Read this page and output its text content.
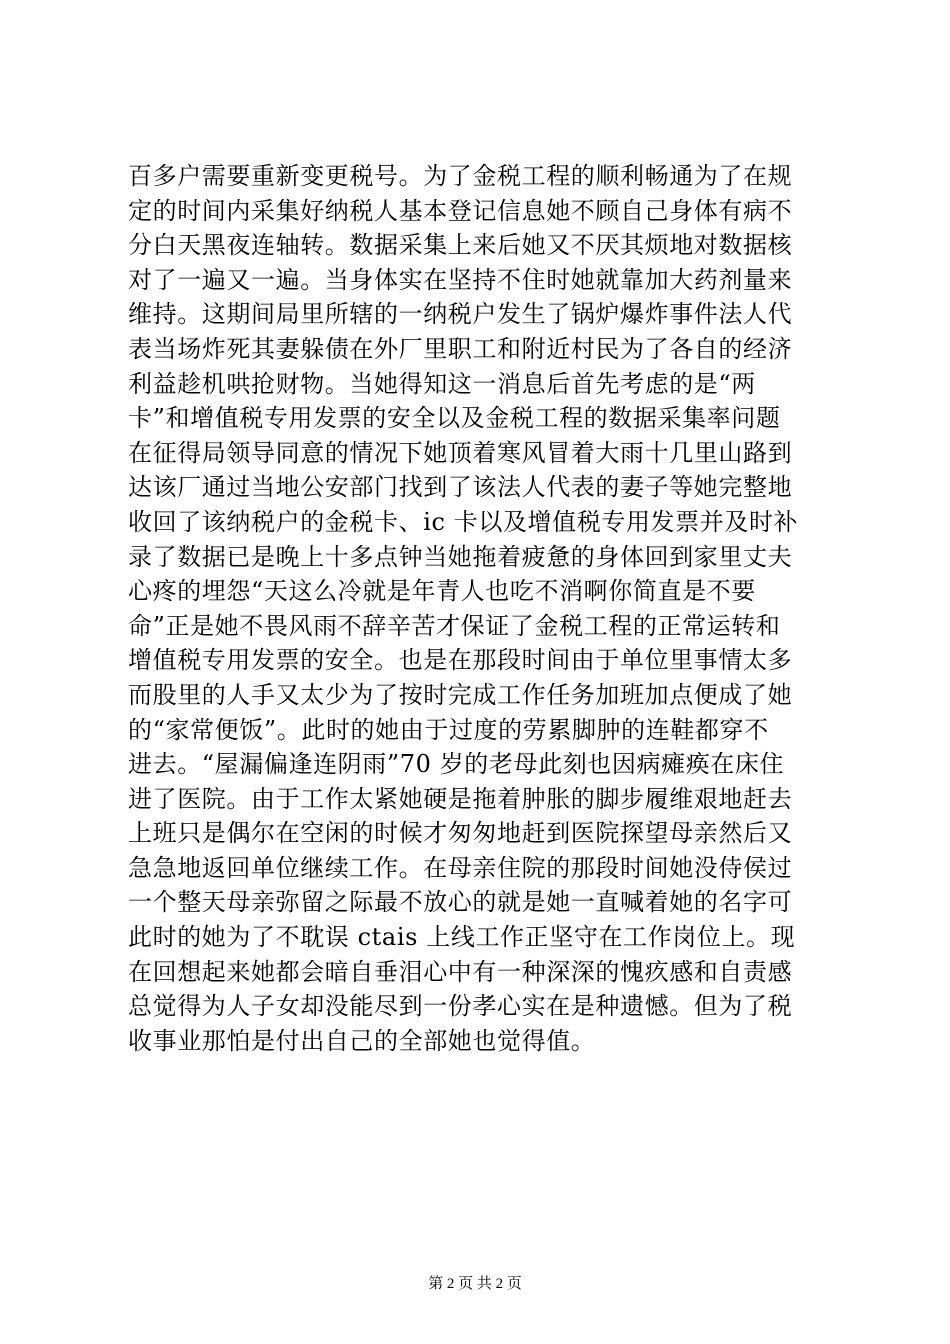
百多户需要重新变更税号。为了金税工程的顺利畅通为了在规
定的时间内采集好纳税人基本登记信息她不顾自己身体有病不
分白天黑夜连轴转。数据采集上来后她又不厌其烦地对数据核
对了一遍又一遍。当身体实在坚持不住时她就靠加大药剂量来
维持。这期间局里所辖的一纳税户发生了锅炉爆炸事件法人代
表当场炸死其妻躲债在外厂里职工和附近村民为了各自的经济
利益趁机哄抢财物。当她得知这一消息后首先考虑的是“两
卡”和增值税专用发票的安全以及金税工程的数据采集率问题
在征得局领导同意的情况下她顶着寒风冒着大雨十几里山路到
达该厂通过当地公安部门找到了该法人代表的妻子等她完整地
收回了该纳税户的金税卡、ic 卡以及增值税专用发票并及时补
录了数据已是晚上十多点钟当她拖着疲惫的身体回到家里丈夫
心疼的埋怨“天这么冷就是年青人也吃不消啊你简直是不要
命”正是她不畏风雨不辞辛苦才保证了金税工程的正常运转和
增值税专用发票的安全。也是在那段时间由于单位里事情太多
而股里的人手又太少为了按时完成工作任务加班加点便成了她
的“家常便饭”。此时的她由于过度的劳累脚肿的连鞋都穿不
进去。“屋漏偏逢连阴雨”70 岁的老母此刻也因病瘫痪在床住
进了医院。由于工作太紧她硬是拖着肿胀的脚步履维艰地赶去
上班只是偶尔在空闲的时候才匆匆地赶到医院探望母亲然后又
急急地返回单位继续工作。在母亲住院的那段时间她没侍侯过
一个整天母亲弥留之际最不放心的就是她一直喊着她的名字可
此时的她为了不耽误 ctais 上线工作正坚守在工作岗位上。现
在回想起来她都会暗自垂泪心中有一种深深的愧疚感和自责感
总觉得为人子女却没能尽到一份孝心实在是种遗憾。但为了税
收事业那怕是付出自己的全部她也觉得值。
第 2 页 共 2 页
